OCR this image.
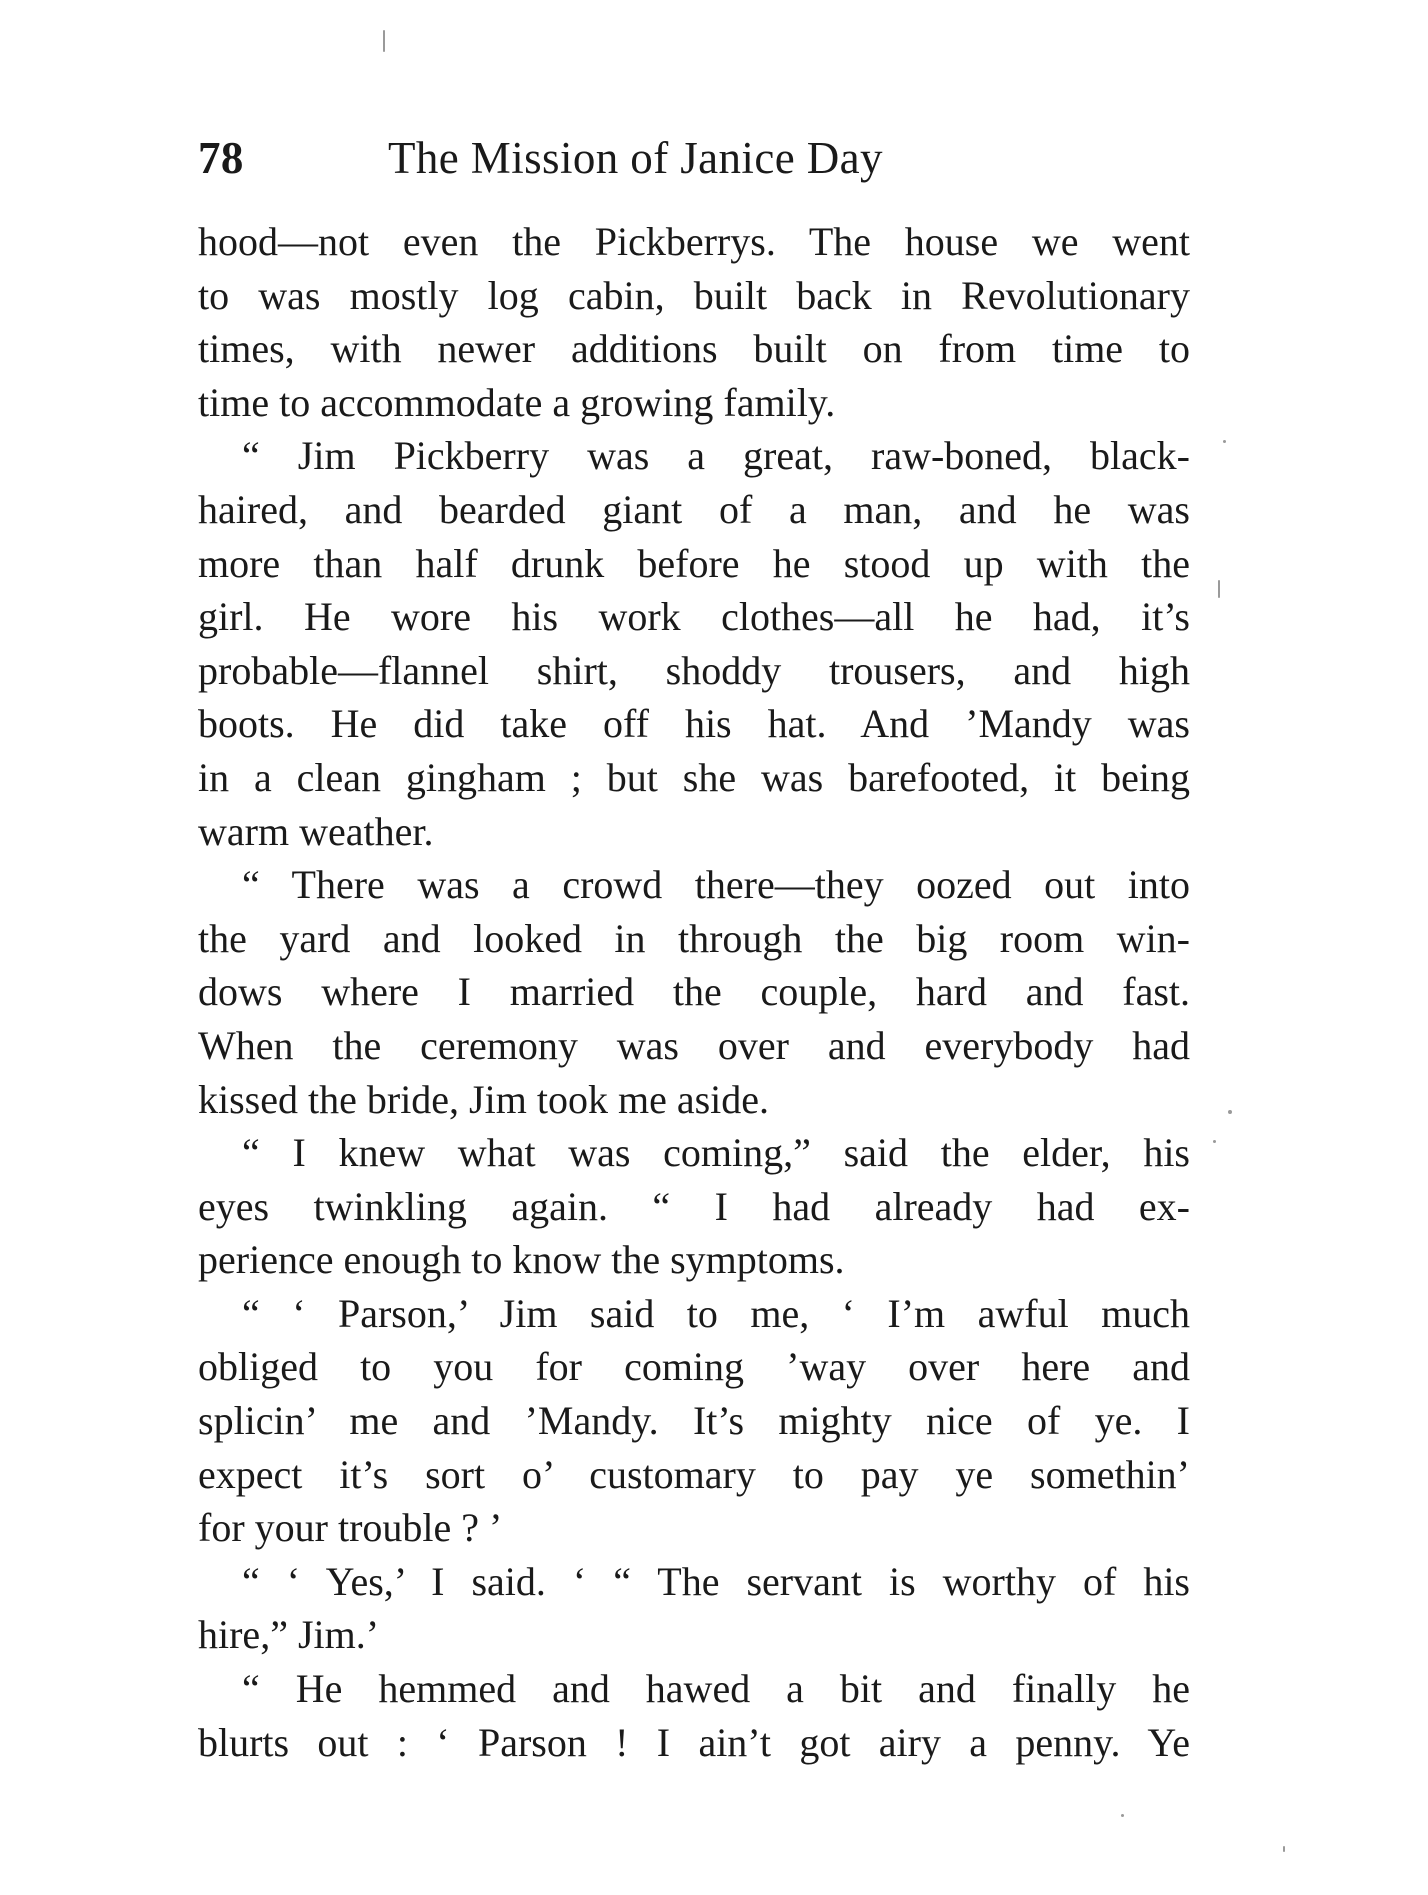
78	The Mission of Janice Day
hood—not even the Pickberrys. The house we went
to was mostly log cabin, built back in Revolutionary
times, with newer additions built on from time to
time to accommodate a growing family.
“ Jim Pickberry was a great, raw-boned, black-
haired, and bearded giant of a man, and he was
more than half drunk before he stood up with the
girl. He wore his work clothes—all he had, it’s
probable—flannel shirt, shoddy trousers, and high
boots. He did take off his hat. And ’Mandy was
in a clean gingham ; but she was barefooted, it being
warm weather.
“ There was a crowd there—they oozed out into
the yard and looked in through the big room win-
dows where I married the couple, hard and fast.
When the ceremony was over and everybody had
kissed the bride, Jim took me aside.
“ I knew what was coming,” said the elder, his
eyes twinkling again. “ I had already had ex-
perience enough to know the symptoms.
“ ‘ Parson,’ Jim said to me, ‘ I’m awful much
obliged to you for coming ’way over here and
splicin’ me and ’Mandy. It’s mighty nice of ye. I
expect it’s sort o’ customary to pay ye somethin’
for your trouble ? ’
“ ‘ Yes,’ I said. ‘ “ The servant is worthy of his
hire,” Jim.’
“ He hemmed and hawed a bit and finally he
blurts out : ‘ Parson ! I ain’t got airy a penny. Ye
